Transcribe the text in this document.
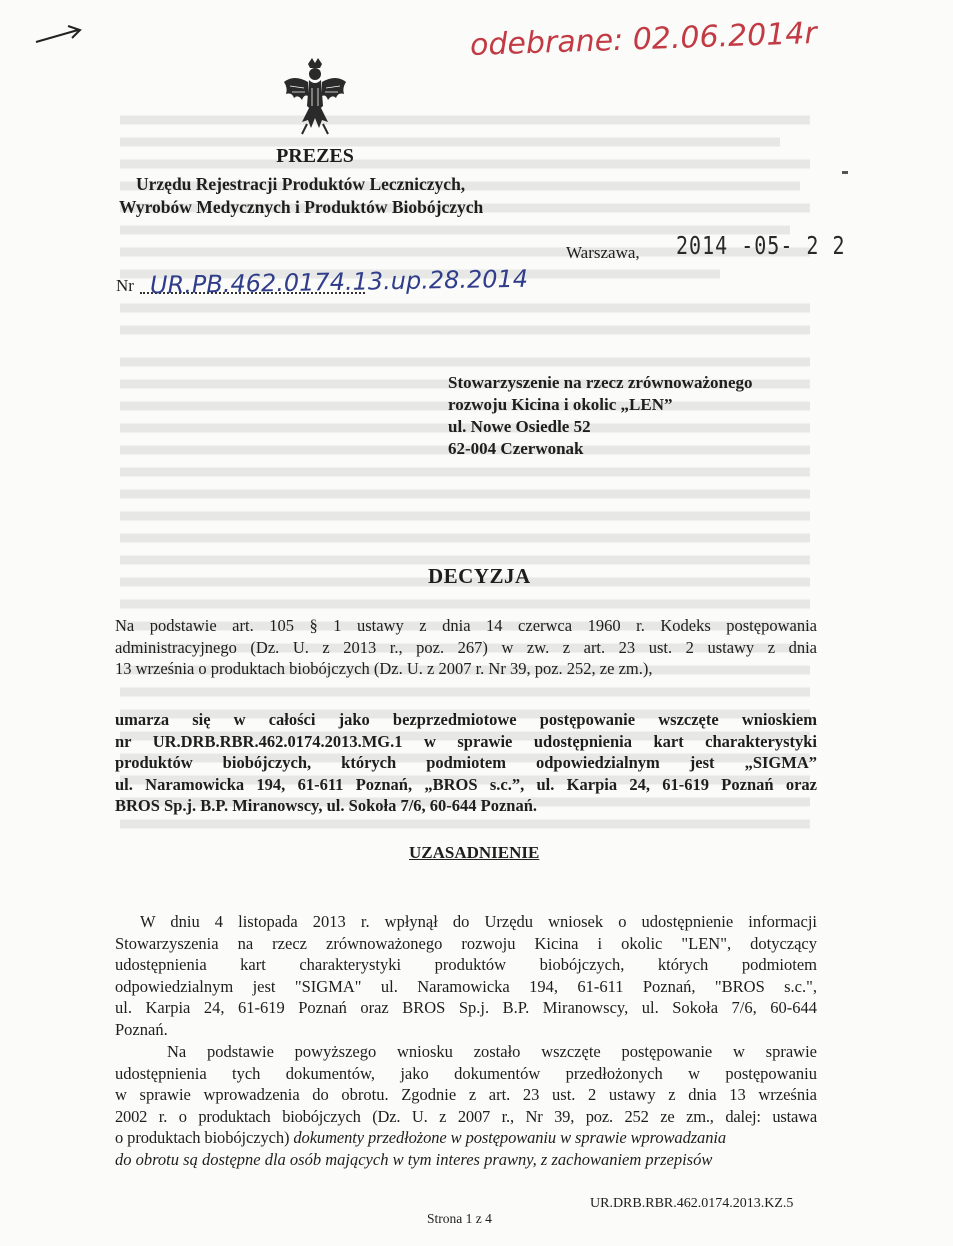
odebrane: 02.06.2014r
PREZES
Urzędu Rejestracji Produktów Leczniczych,
Wyrobów Medycznych i Produktów Biobójczych
Warszawa, 2014 -05- 2 2
Nr UR.PB.462.0174.13.up.28.2014
Stowarzyszenie na rzecz zrównoważonego
rozwoju Kicina i okolic „LEN”
ul. Nowe Osiedle 52
62-004 Czerwonak
DECYZJA
Na podstawie art. 105 § 1 ustawy z dnia 14 czerwca 1960 r. Kodeks postępowania
administracyjnego (Dz. U. z 2013 r., poz. 267) w zw. z art. 23 ust. 2 ustawy z dnia
13 września o produktach biobójczych (Dz. U. z 2007 r. Nr 39, poz. 252, ze zm.),
umarza się w całości jako bezprzedmiotowe postępowanie wszczęte wnioskiem
nr UR.DRB.RBR.462.0174.2013.MG.1 w sprawie udostępnienia kart charakterystyki
produktów biobójczych, których podmiotem odpowiedzialnym jest „SIGMA”
ul. Naramowicka 194, 61-611 Poznań, „BROS s.c.”, ul. Karpia 24, 61-619 Poznań oraz
BROS Sp.j. B.P. Miranowscy, ul. Sokoła 7/6, 60-644 Poznań.
UZASADNIENIE
W dniu 4 listopada 2013 r. wpłynął do Urzędu wniosek o udostępnienie informacji
Stowarzyszenia na rzecz zrównoważonego rozwoju Kicina i okolic "LEN", dotyczący
udostępnienia kart charakterystyki produktów biobójczych, których podmiotem
odpowiedzialnym jest "SIGMA" ul. Naramowicka 194, 61-611 Poznań, "BROS s.c.",
ul. Karpia 24, 61-619 Poznań oraz BROS Sp.j. B.P. Miranowscy, ul. Sokoła 7/6, 60-644
Poznań.
Na podstawie powyższego wniosku zostało wszczęte postępowanie w sprawie
udostępnienia tych dokumentów, jako dokumentów przedłożonych w postępowaniu
w sprawie wprowadzenia do obrotu. Zgodnie z art. 23 ust. 2 ustawy z dnia 13 września
2002 r. o produktach biobójczych (Dz. U. z 2007 r., Nr 39, poz. 252 ze zm., dalej: ustawa
o produktach biobójczych) dokumenty przedłożone w postępowaniu w sprawie wprowadzania
do obrotu są dostępne dla osób mających w tym interes prawny, z zachowaniem przepisów
UR.DRB.RBR.462.0174.2013.KZ.5
Strona 1 z 4
